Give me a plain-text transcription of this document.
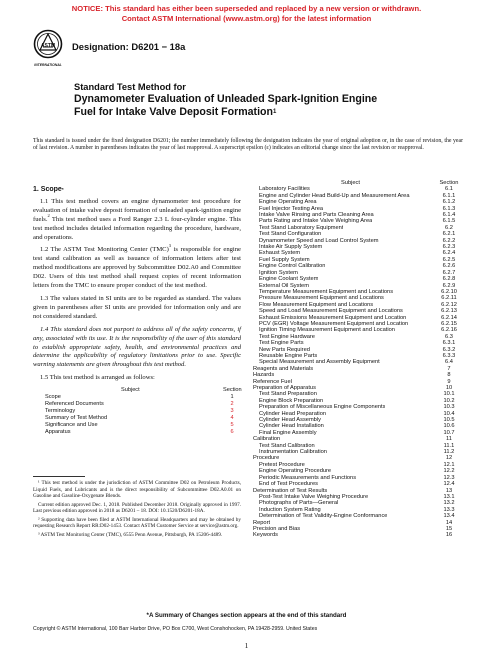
NOTICE: This standard has either been superseded and replaced by a new version or withdrawn.
Contact ASTM International (www.astm.org) for the latest information
ASTM
INTERNATIONAL
Designation: D6201 − 18a
Standard Test Method for
Dynamometer Evaluation of Unleaded Spark-Ignition Engine
Fuel for Intake Valve Deposit Formation$^1$
This standard is issued under the fixed designation D6201; the number immediately following the designation indicates the year of original adoption or, in the case of revision, the year of last revision. A number in parentheses indicates the year of last reapproval. A superscript epsilon (ε) indicates an editorial change since the last revision or reapproval.
1. Scope*

1.1 This test method covers an engine dynamometer test procedure for evaluation of intake valve deposit formation of unleaded spark-ignition engine fuels.$^2$ This test method uses a Ford Ranger 2.3 L four-cylinder engine. This test method includes detailed information regarding the procedure, hardware, and operations.

1.2 The ASTM Test Monitoring Center (TMC)$^3$ is responsible for engine test stand calibration as well as issuance of information letters after test method modifications are approved by Subcommittee D02.A0 and Committee D02. Users of this test method shall request copies of recent information letters from the TMC to ensure proper conduct of the test method.

1.3 The values stated in SI units are to be regarded as standard. The values given in parentheses after SI units are provided for information only and are not considered standard.

1.4 This standard does not purport to address all of the safety concerns, if any, associated with its use. It is the responsibility of the user of this standard to establish appropriate safety, health, and environmental practices and determine the applicability of regulatory limitations prior to use. Specific warning statements are given throughout this test method.

1.5 This test method is arranged as follows:

Subject	Section
Scope	1
Referenced Documents	2
Terminology	3
Summary of Test Method	4
Significance and Use	5
Apparatus	6

¹ This test method is under the jurisdiction of ASTM Committee D02 on Petroleum Products, Liquid Fuels, and Lubricants and is the direct responsibility of Subcommittee D02.A0.01 on Gasoline and Gasoline-Oxygenate Blends.

Current edition approved Dec. 1, 2018. Published December 2018. Originally approved in 1997. Last previous edition approved in 2018 as D6201 – 18. DOI: 10.1520/D6201-18A.

² Supporting data have been filed at ASTM International Headquarters and may be obtained by requesting Research Report RR:D02-1453. Contact ASTM Customer Service at service@astm.org.

³ ASTM Test Monitoring Center (TMC), 6555 Penn Avenue, Pittsburgh, PA 15206-4489.

Subject	Section
Laboratory Facilities	6.1
Engine and Cylinder Head Build-Up and Measurement Area	6.1.1
Engine Operating Area	6.1.2
Fuel Injector Testing Area	6.1.3
Intake Valve Rinsing and Parts Cleaning Area	6.1.4
Parts Rating and Intake Valve Weighing Area	6.1.5
Test Stand Laboratory Equipment	6.2
Test Stand Configuration	6.2.1
Dynamometer Speed and Load Control System	6.2.2
Intake Air Supply System	6.2.3
Exhaust System	6.2.4
Fuel Supply System	6.2.5
Engine Control Calibration	6.2.6
Ignition System	6.2.7
Engine Coolant System	6.2.8
External Oil System	6.2.9
Temperature Measurement Equipment and Locations	6.2.10
Pressure Measurement Equipment and Locations	6.2.11
Flow Measurement Equipment and Locations	6.2.12
Speed and Load Measurement Equipment and Locations	6.2.13
Exhaust Emissions Measurement Equipment and Location	6.2.14
PCV (EGR) Voltage Measurement Equipment and Location	6.2.15
Ignition Timing Measurement Equipment and Location	6.2.16
Test Engine Hardware	6.3
Test Engine Parts	6.3.1
New Parts Required	6.3.2
Reusable Engine Parts	6.3.3
Special Measurement and Assembly Equipment	6.4
Reagents and Materials	7
Hazards	8
Reference Fuel	9
Preparation of Apparatus	10
Test Stand Preparation	10.1
Engine Block Preparation	10.2
Preparation of Miscellaneous Engine Components	10.3
Cylinder Head Preparation	10.4
Cylinder Head Assembly	10.5
Cylinder Head Installation	10.6
Final Engine Assembly	10.7
Calibration	11
Test Stand Calibration	11.1
Instrumentation Calibration	11.2
Procedure	12
Pretest Procedure	12.1
Engine Operating Procedure	12.2
Periodic Measurements and Functions	12.3
End of Test Procedures	12.4
Determination of Test Results	13
Post-Test Intake Valve Weighing Procedure	13.1
Photographs of Parts—General	13.2
Induction System Rating	13.3
Determination of Test Validity-Engine Conformance	13.4
Report	14
Precision and Bias	15
Keywords	16
*A Summary of Changes section appears at the end of this standard
Copyright © ASTM International, 100 Barr Harbor Drive, PO Box C700, West Conshohocken, PA 19428-2959. United States
1
